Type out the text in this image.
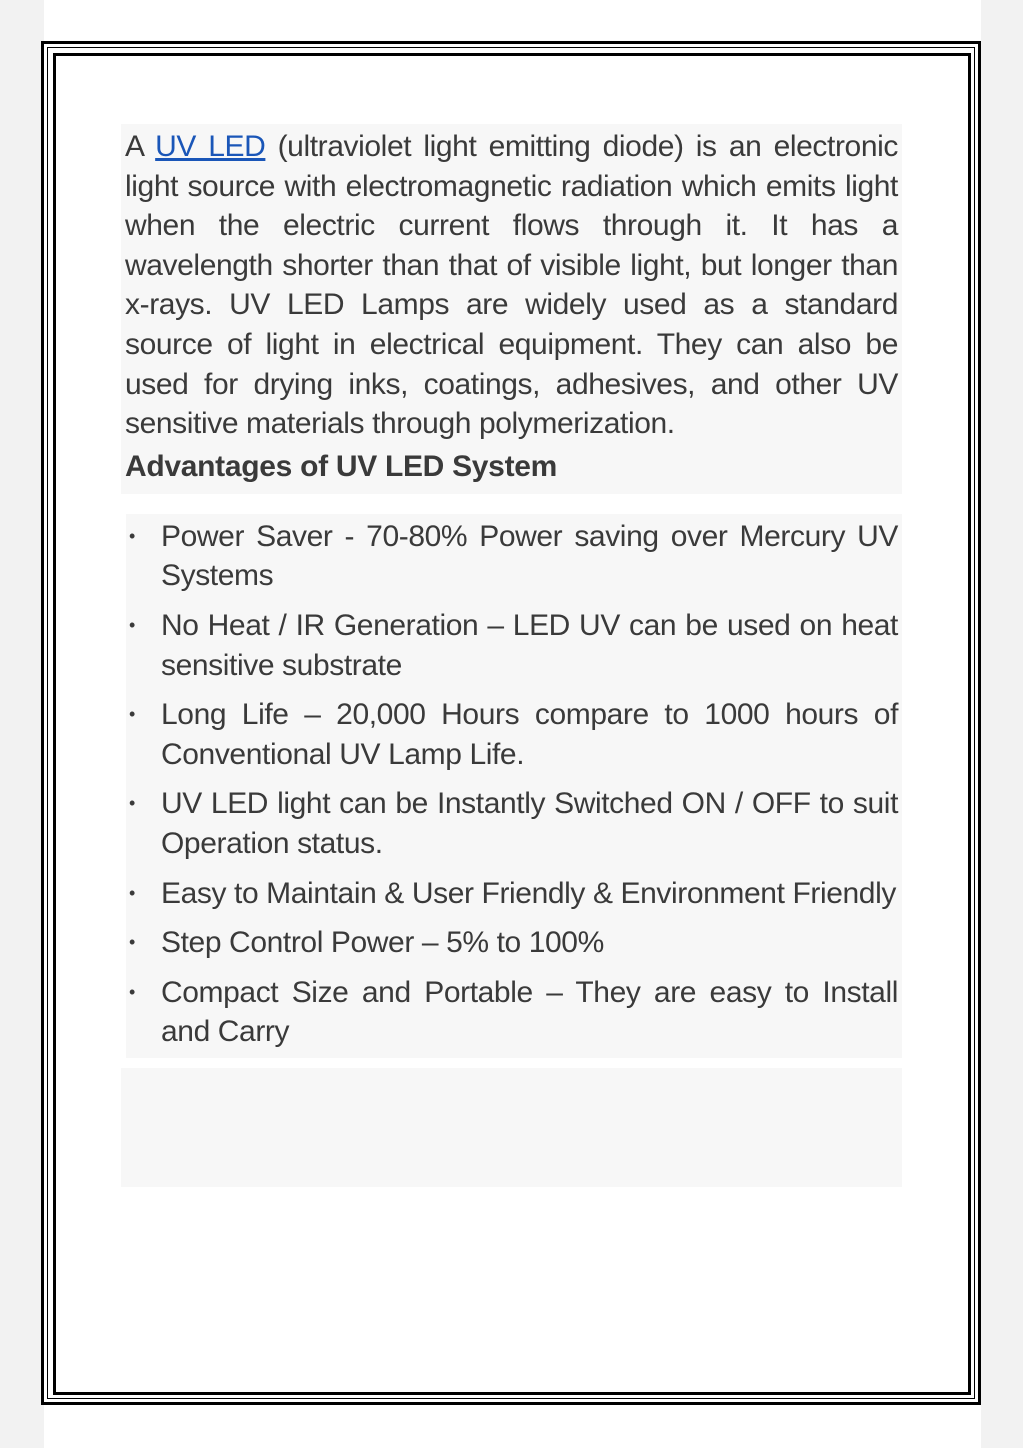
A UV LED (ultraviolet light emitting diode) is an electronic light source with electromagnetic radiation which emits light when the electric current flows through it. It has a wavelength shorter than that of visible light, but longer than x-rays. UV LED Lamps are widely used as a standard source of light in electrical equipment. They can also be used for drying inks, coatings, adhesives, and other UV sensitive materials through polymerization.

Advantages of UV LED System
• Power Saver - 70-80% Power saving over Mercury UV Systems
• No Heat / IR Generation – LED UV can be used on heat sensitive substrate
• Long Life – 20,000 Hours compare to 1000 hours of Conventional UV Lamp Life.
• UV LED light can be Instantly Switched ON / OFF to suit Operation status.
• Easy to Maintain & User Friendly & Environment Friendly
• Step Control Power – 5% to 100%
• Compact Size and Portable – They are easy to Install and Carry
